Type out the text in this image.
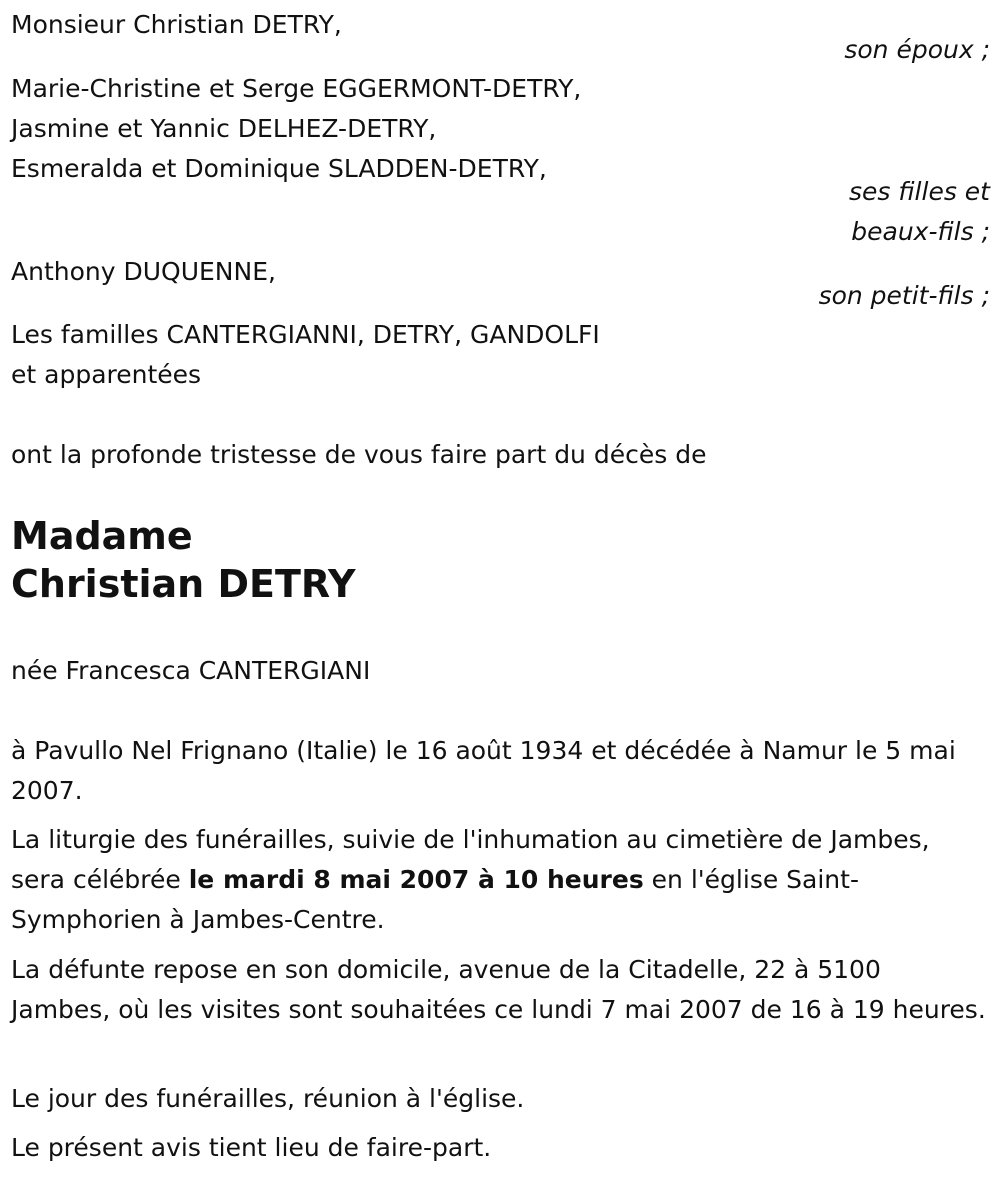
Monsieur Christian DETRY,
son époux ;
Marie-Christine et Serge EGGERMONT-DETRY,
Jasmine et Yannic DELHEZ-DETRY,
Esmeralda et Dominique SLADDEN-DETRY,
ses filles et
beaux-fils ;
Anthony DUQUENNE,
son petit-fils ;
Les familles CANTERGIANNI, DETRY, GANDOLFI
et apparentées
ont la profonde tristesse de vous faire part du décès de
Madame
Christian DETRY
née Francesca CANTERGIANI
à Pavullo Nel Frignano (Italie) le 16 août 1934 et décédée à Namur le 5 mai 2007.
La liturgie des funérailles, suivie de l'inhumation au cimetière de Jambes, sera célébrée le mardi 8 mai 2007 à 10 heures en l'église Saint-Symphorien à Jambes-Centre.
La défunte repose en son domicile, avenue de la Citadelle, 22 à 5100 Jambes, où les visites sont souhaitées ce lundi 7 mai 2007 de 16 à 19 heures.
Le jour des funérailles, réunion à l'église.
Le présent avis tient lieu de faire-part.
